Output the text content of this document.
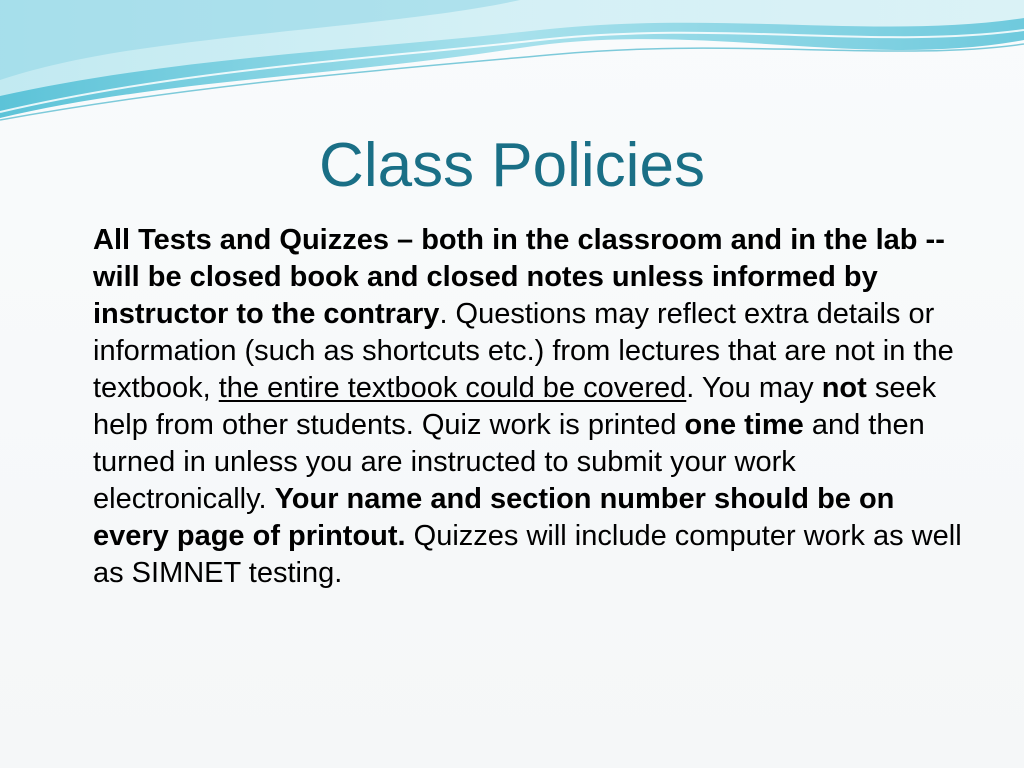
Class Policies
All Tests and Quizzes – both in the classroom and in the lab -- will be closed book and closed notes unless informed by instructor to the contrary. Questions may reflect extra details or information (such as shortcuts etc.) from lectures that are not in the textbook, the entire textbook could be covered. You may not seek help from other students. Quiz work is printed one time and then turned in unless you are instructed to submit your work electronically. Your name and section number should be on every page of printout. Quizzes will include computer work as well as SIMNET testing.
